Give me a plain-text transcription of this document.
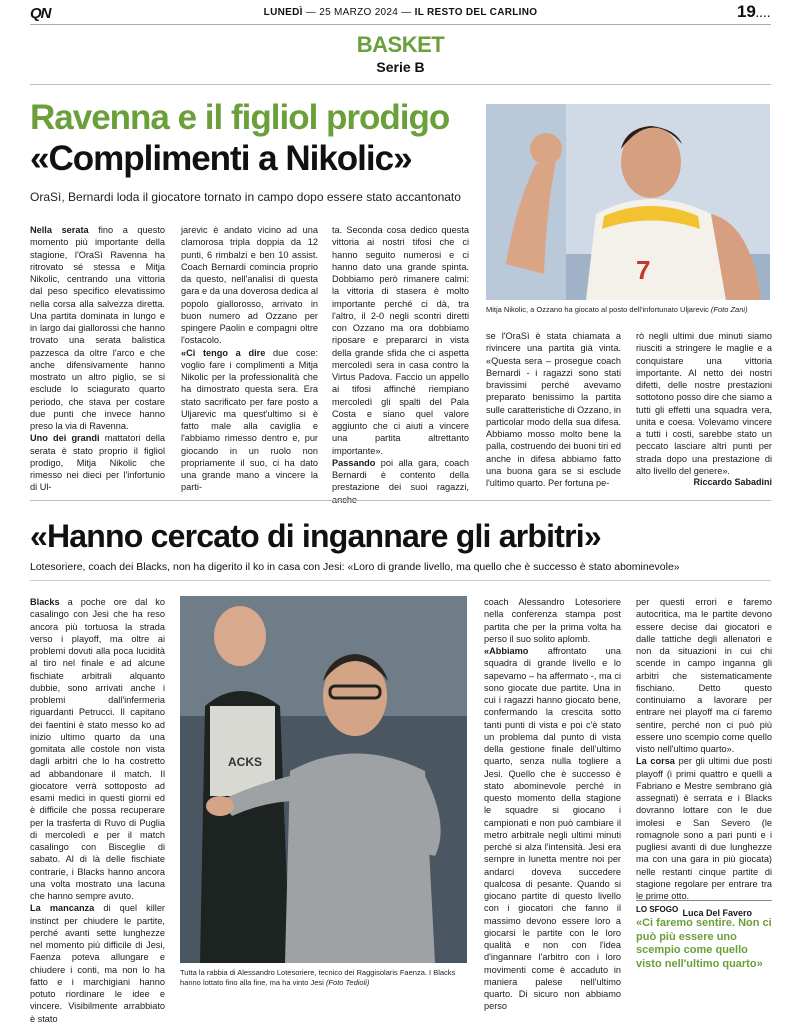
QN	LUNEDÌ — 25 MARZO 2024 — IL RESTO DEL CARLINO	19....
BASKET
Serie B
Ravenna e il figliol prodigo
«Complimenti a Nikolic»
OraSì, Bernardi loda il giocatore tornato in campo dopo essere stato accantonato
7
Mitja Nikolic, a Ozzano ha giocato al posto dell'infortunato Uljarevic (Foto Zani)

Nella serata fino a questo momento più importante della stagione, l'OraSì Ravenna ha ritrovato sé stessa e Mitja Nikolic, centrando una vittoria dal peso specifico elevatissimo nella corsa alla salvezza diretta. Una partita dominata in lungo e in largo dai giallorossi che hanno trovato una serata balistica pazzesca da oltre l'arco e che anche difensivamente hanno mostrato un altro piglio, se si esclude lo sciagurato quarto periodo, che stava per costare due punti che invece hanno preso la via di Ravenna.

Uno dei grandi mattatori della serata è stato proprio il figliol prodigo, Mitja Nikolic che rimesso nei dieci per l'infortunio di Ul-

jarevic è andato vicino ad una clamorosa tripla doppia da 12 punti, 6 rimbalzi e ben 10 assist. Coach Bernardi comincia proprio da questo, nell'analisi di questa gara e da una doverosa dedica al popolo giallorosso, arrivato in buon numero ad Ozzano per spingere Paolin e compagni oltre l'ostacolo.

«Ci tengo a dire due cose: voglio fare i complimenti a Mitja Nikolic per la professionalità che ha dimostrato questa sera. Era stato sacrificato per fare posto a Uljarevic ma quest'ultimo si è fatto male alla caviglia e l'abbiamo rimesso dentro e, pur giocando in un ruolo non propriamente il suo, ci ha dato una grande mano a vincere la parti-

ta. Seconda cosa dedico questa vittoria ai nostri tifosi che ci hanno seguito numerosi e ci hanno dato una grande spinta. Dobbiamo però rimanere calmi: la vittoria di stasera è molto importante perché ci dà, tra l'altro, il 2-0 negli scontri diretti con Ozzano ma ora dobbiamo riposare e prepararci in vista della grande sfida che ci aspetta mercoledì sera in casa contro la Virtus Padova. Faccio un appello ai tifosi affinché riempiano mercoledì gli spalti del Pala Costa e siano quel valore aggiunto che ci aiuti a vincere una partita altrettanto importante».

Passando poi alla gara, coach Bernardi è contento della prestazione dei suoi ragazzi, anche

se l'OraSì è stata chiamata a rivincere una partita già vinta. «Questa sera – prosegue coach Bernardi - i ragazzi sono stati bravissimi perché avevamo preparato benissimo la partita sulle caratteristiche di Ozzano, in particolar modo della sua difesa. Abbiamo mosso molto bene la palla, costruendo dei buoni tiri ed anche in difesa abbiamo fatto una buona gara se si esclude l'ultimo quarto. Per fortuna pe-

rò negli ultimi due minuti siamo riusciti a stringere le maglie e a conquistare una vittoria importante. Al netto dei nostri difetti, delle nostre prestazioni sottotono posso dire che siamo a tutti gli effetti una squadra vera, unita e coesa. Volevamo vincere a tutti i costi, sarebbe stato un peccato lasciare altri punti per strada dopo una prestazione di alto livello del genere».

Riccardo Sabadini

«Hanno cercato di ingannare gli arbitri»
Lotesoriere, coach dei Blacks, non ha digerito il ko in casa con Jesi: «Loro di grande livello, ma quello che è successo è stato abominevole»

Blacks a poche ore dal ko casalingo con Jesi che ha reso ancora più tortuosa la strada verso i playoff, ma oltre ai problemi dovuti alla poca lucidità al tiro nel finale e ad alcune fischiate arbitrali alquanto dubbie, sono arrivati anche i problemi dall'infermeria riguardanti Petrucci. Il capitano dei faentini è stato messo ko ad inizio ultimo quarto da una gomitata alle costole non vista dagli arbitri che lo ha costretto ad abbandonare il match. Il giocatore verrà sottoposto ad esami medici in questi giorni ed è difficile che possa recuperare per la trasferta di Ruvo di Puglia di mercoledì e per il match casalingo con Bisceglie di sabato. Al di là delle fischiate contrarie, i Blacks hanno ancora una volta mostrato una lacuna che hanno sempre avuto.

La mancanza di quel killer instinct per chiudere le partite, perché avanti sette lunghezze nel momento più difficile di Jesi, Faenza poteva allungare e chiudere i conti, ma non lo ha fatto e i marchigiani hanno potuto riordinare le idee e vincere. Visibilmente arrabbiato è stato

ACKS
Tutta la rabbia di Alessandro Lotesoriere, tecnico dei Raggisolaris Faenza. I Blacks hanno lottato fino alla fine, ma ha vinto Jesi (Foto Tedioli)

coach Alessandro Lotesoriere nella conferenza stampa post partita che per la prima volta ha perso il suo solito aplomb.

«Abbiamo affrontato una squadra di grande livello e lo sapevamo – ha affermato -, ma ci sono giocate due partite. Una in cui i ragazzi hanno giocato bene, confermando la crescita sotto tanti punti di vista e poi c'è stato un problema dal punto di vista della gestione finale dell'ultimo quarto, senza nulla togliere a Jesi. Quello che è successo è stato abominevole perché in questo momento della stagione le squadre si giocano i campionati e non può cambiare il metro arbitrale negli ultimi minuti perché si alza l'intensità. Jesi era sempre in lunetta mentre noi per andarci doveva succedere qualcosa di pesante. Quando si giocano partite di questo livello con i giocatori che fanno il massimo devono essere loro a giocarsi le partite con le loro qualità e non con l'idea d'ingannare l'arbitro con i loro movimenti come è accaduto in maniera palese nell'ultimo quarto. Di sicuro non abbiamo perso

per questi errori e faremo autocritica, ma le partite devono essere decise dai giocatori e dalle tattiche degli allenatori e non da situazioni in cui chi scende in campo inganna gli arbitri che sistematicamente fischiano. Detto questo continuiamo a lavorare per entrare nei playoff ma ci faremo sentire, perché non ci può più essere uno scempio come quello visto nell'ultimo quarto».

La corsa per gli ultimi due posti playoff (i primi quattro e quelli a Fabriano e Mestre sembrano già assegnati) è serrata e i Blacks dovranno lottare con le due imolesi e San Severo (le romagnole sono a pari punti e i pugliesi avanti di due lunghezze ma con una gara in più giocata) nelle restanti cinque partite di stagione regolare per entrare tra le prime otto.

Luca Del Favero

LO SFOGO
«Ci faremo sentire. Non ci può più essere uno scempio come quello visto nell'ultimo quarto»
